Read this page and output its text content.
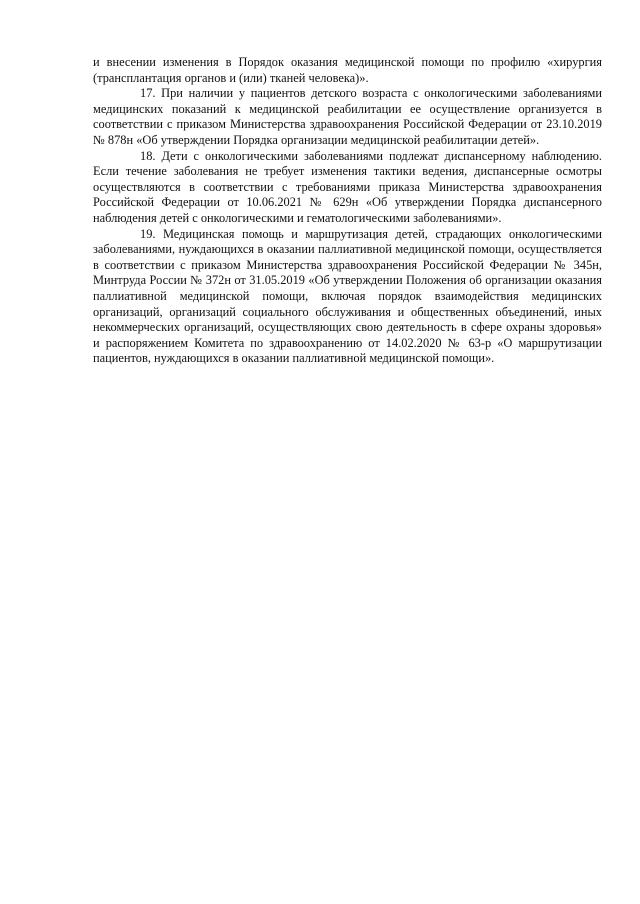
и внесении изменения в Порядок оказания медицинской помощи по профилю «хирургия (трансплантация органов и (или) тканей человека)».

17. При наличии у пациентов детского возраста с онкологическими заболеваниями медицинских показаний к медицинской реабилитации ее осуществление организуется в соответствии с приказом Министерства здравоохранения Российской Федерации от 23.10.2019 № 878н «Об утверждении Порядка организации медицинской реабилитации детей».

18. Дети с онкологическими заболеваниями подлежат диспансерному наблюдению. Если течение заболевания не требует изменения тактики ведения, диспансерные осмотры осуществляются в соответствии с требованиями приказа Министерства здравоохранения Российской Федерации от 10.06.2021 № 629н «Об утверждении Порядка диспансерного наблюдения детей с онкологическими и гематологическими заболеваниями».

19. Медицинская помощь и маршрутизация детей, страдающих онкологическими заболеваниями, нуждающихся в оказании паллиативной медицинской помощи, осуществляется в соответствии с приказом Министерства здравоохранения Российской Федерации № 345н, Минтруда России № 372н от 31.05.2019 «Об утверждении Положения об организации оказания паллиативной медицинской помощи, включая порядок взаимодействия медицинских организаций, организаций социального обслуживания и общественных объединений, иных некоммерческих организаций, осуществляющих свою деятельность в сфере охраны здоровья» и распоряжением Комитета по здравоохранению от 14.02.2020 № 63-р «О маршрутизации пациентов, нуждающихся в оказании паллиативной медицинской помощи».
